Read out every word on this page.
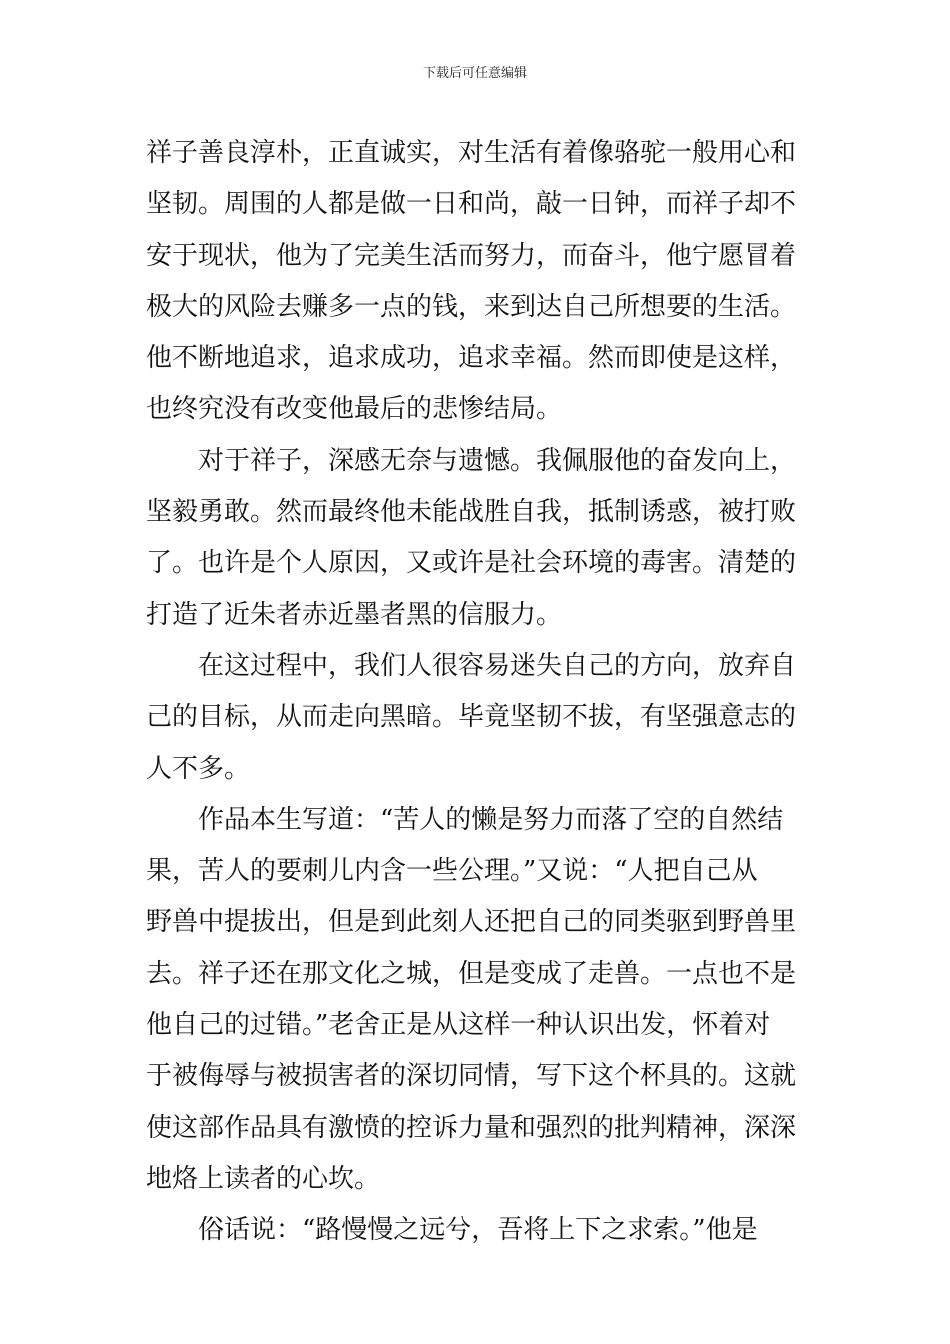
下载后可任意编辑
祥子善良淳朴，正直诚实，对生活有着像骆驼一般用心和
坚韧。周围的人都是做一日和尚，敲一日钟，而祥子却不
安于现状，他为了完美生活而努力，而奋斗，他宁愿冒着
极大的风险去赚多一点的钱，来到达自己所想要的生活。
他不断地追求，追求成功，追求幸福。然而即使是这样，
也终究没有改变他最后的悲惨结局。
对于祥子，深感无奈与遗憾。我佩服他的奋发向上，
坚毅勇敢。然而最终他未能战胜自我，抵制诱惑，被打败
了。也许是个人原因，又或许是社会环境的毒害。清楚的
打造了近朱者赤近墨者黑的信服力。
在这过程中，我们人很容易迷失自己的方向，放弃自
己的目标，从而走向黑暗。毕竟坚韧不拔，有坚强意志的
人不多。
作品本生写道：“苦人的懒是努力而落了空的自然结
果，苦人的要刺儿内含一些公理。”又说：“人把自己从
野兽中提拔出，但是到此刻人还把自己的同类驱到野兽里
去。祥子还在那文化之城，但是变成了走兽。一点也不是
他自己的过错。”老舍正是从这样一种认识出发，怀着对
于被侮辱与被损害者的深切同情，写下这个杯具的。这就
使这部作品具有激愤的控诉力量和强烈的批判精神，深深
地烙上读者的心坎。
俗话说：“路慢慢之远兮，吾将上下之求索。”他是
